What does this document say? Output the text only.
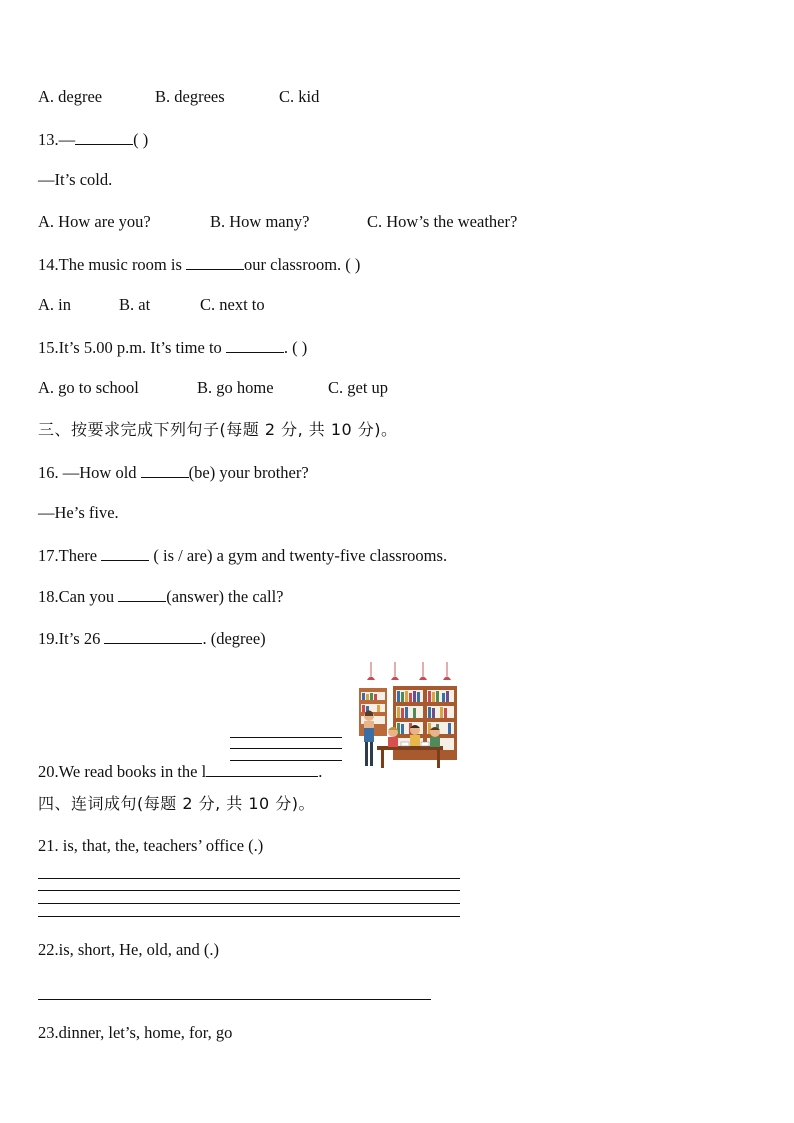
A. degree	B. degrees	C. kid
13.—	( )
—It’s cold.
A. How are you?	B. How many?	C. How’s the weather?
14.The music room is	our classroom. ( )
A. in	B. at	C. next to
15.It’s 5.00 p.m. It’s time to	. ( )
A. go to school	B. go home	C. get up
三、按要求完成下列句子(每题 2 分, 共 10 分)。
16. —How old	(be) your brother?
—He’s five.
17.There	( is / are) a gym and twenty-five classrooms.
18.Can you	(answer) the call?
19.It’s 26	. (degree)
20.We read books in the l	.
四、连词成句(每题 2 分, 共 10 分)。
21. is, that, the, teachers’ office (.)
22.is, short, He, old, and (.)
23.dinner, let’s, home, for, go
